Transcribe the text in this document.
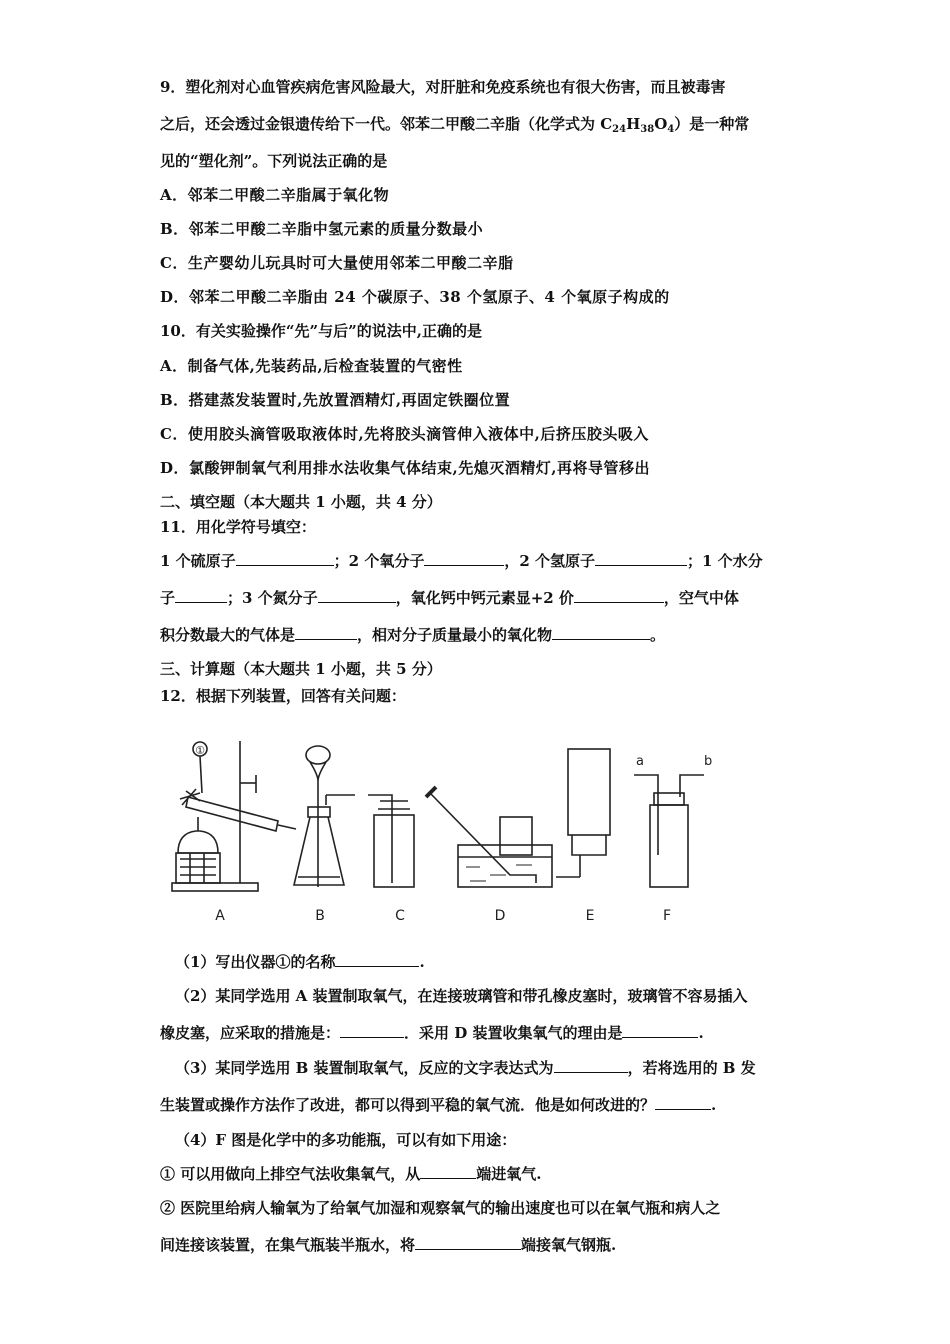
9．塑化剂对心血管疾病危害风险最大，对肝脏和免疫系统也有很大伤害，而且被毒害
之后，还会透过金银遗传给下一代。邻苯二甲酸二辛脂（化学式为 $C_{24}H_{38}O_4$）是一种常
见的“塑化剂”。下列说法正确的是
A．邻苯二甲酸二辛脂属于氧化物
B．邻苯二甲酸二辛脂中氢元素的质量分数最小
C．生产婴幼儿玩具时可大量使用邻苯二甲酸二辛脂
D．邻苯二甲酸二辛脂由 24 个碳原子、38 个氢原子、4 个氧原子构成的
10．有关实验操作“先”与后”的说法中,正确的是
A．制备气体,先装药品,后检查装置的气密性
B．搭建蒸发装置时,先放置酒精灯,再固定铁圈位置
C．使用胶头滴管吸取液体时,先将胶头滴管伸入液体中,后挤压胶头吸入
D．氯酸钾制氧气利用排水法收集气体结束,先熄灭酒精灯,再将导管移出
二、填空题（本大题共 1 小题，共 4 分）
11．用化学符号填空：
1 个硫原子	；2 个氧分子	，2 个氢原子	；1 个水分
子	；3 个氮分子	，氧化钙中钙元素显+2 价	，空气中体
积分数最大的气体是	，相对分子质量最小的氧化物	。
三、计算题（本大题共 1 小题，共 5 分）
12．根据下列装置，回答有关问题：
①
a	b
A	B	C	D	E	F
（1）写出仪器①的名称	.
（2）某同学选用 A 装置制取氧气，在连接玻璃管和带孔橡皮塞时，玻璃管不容易插入
橡皮塞，应采取的措施是：	．采用 D 装置收集氧气的理由是	.
（3）某同学选用 B 装置制取氧气，反应的文字表达式为	，若将选用的 B 发
生装置或操作方法作了改进，都可以得到平稳的氧气流．他是如何改进的？	.
（4）F 图是化学中的多功能瓶，可以有如下用途：
① 可以用做向上排空气法收集氧气，从	端进氧气.
② 医院里给病人输氧为了给氧气加湿和观察氧气的输出速度也可以在氧气瓶和病人之
间连接该装置，在集气瓶装半瓶水，将	端接氧气钢瓶.
